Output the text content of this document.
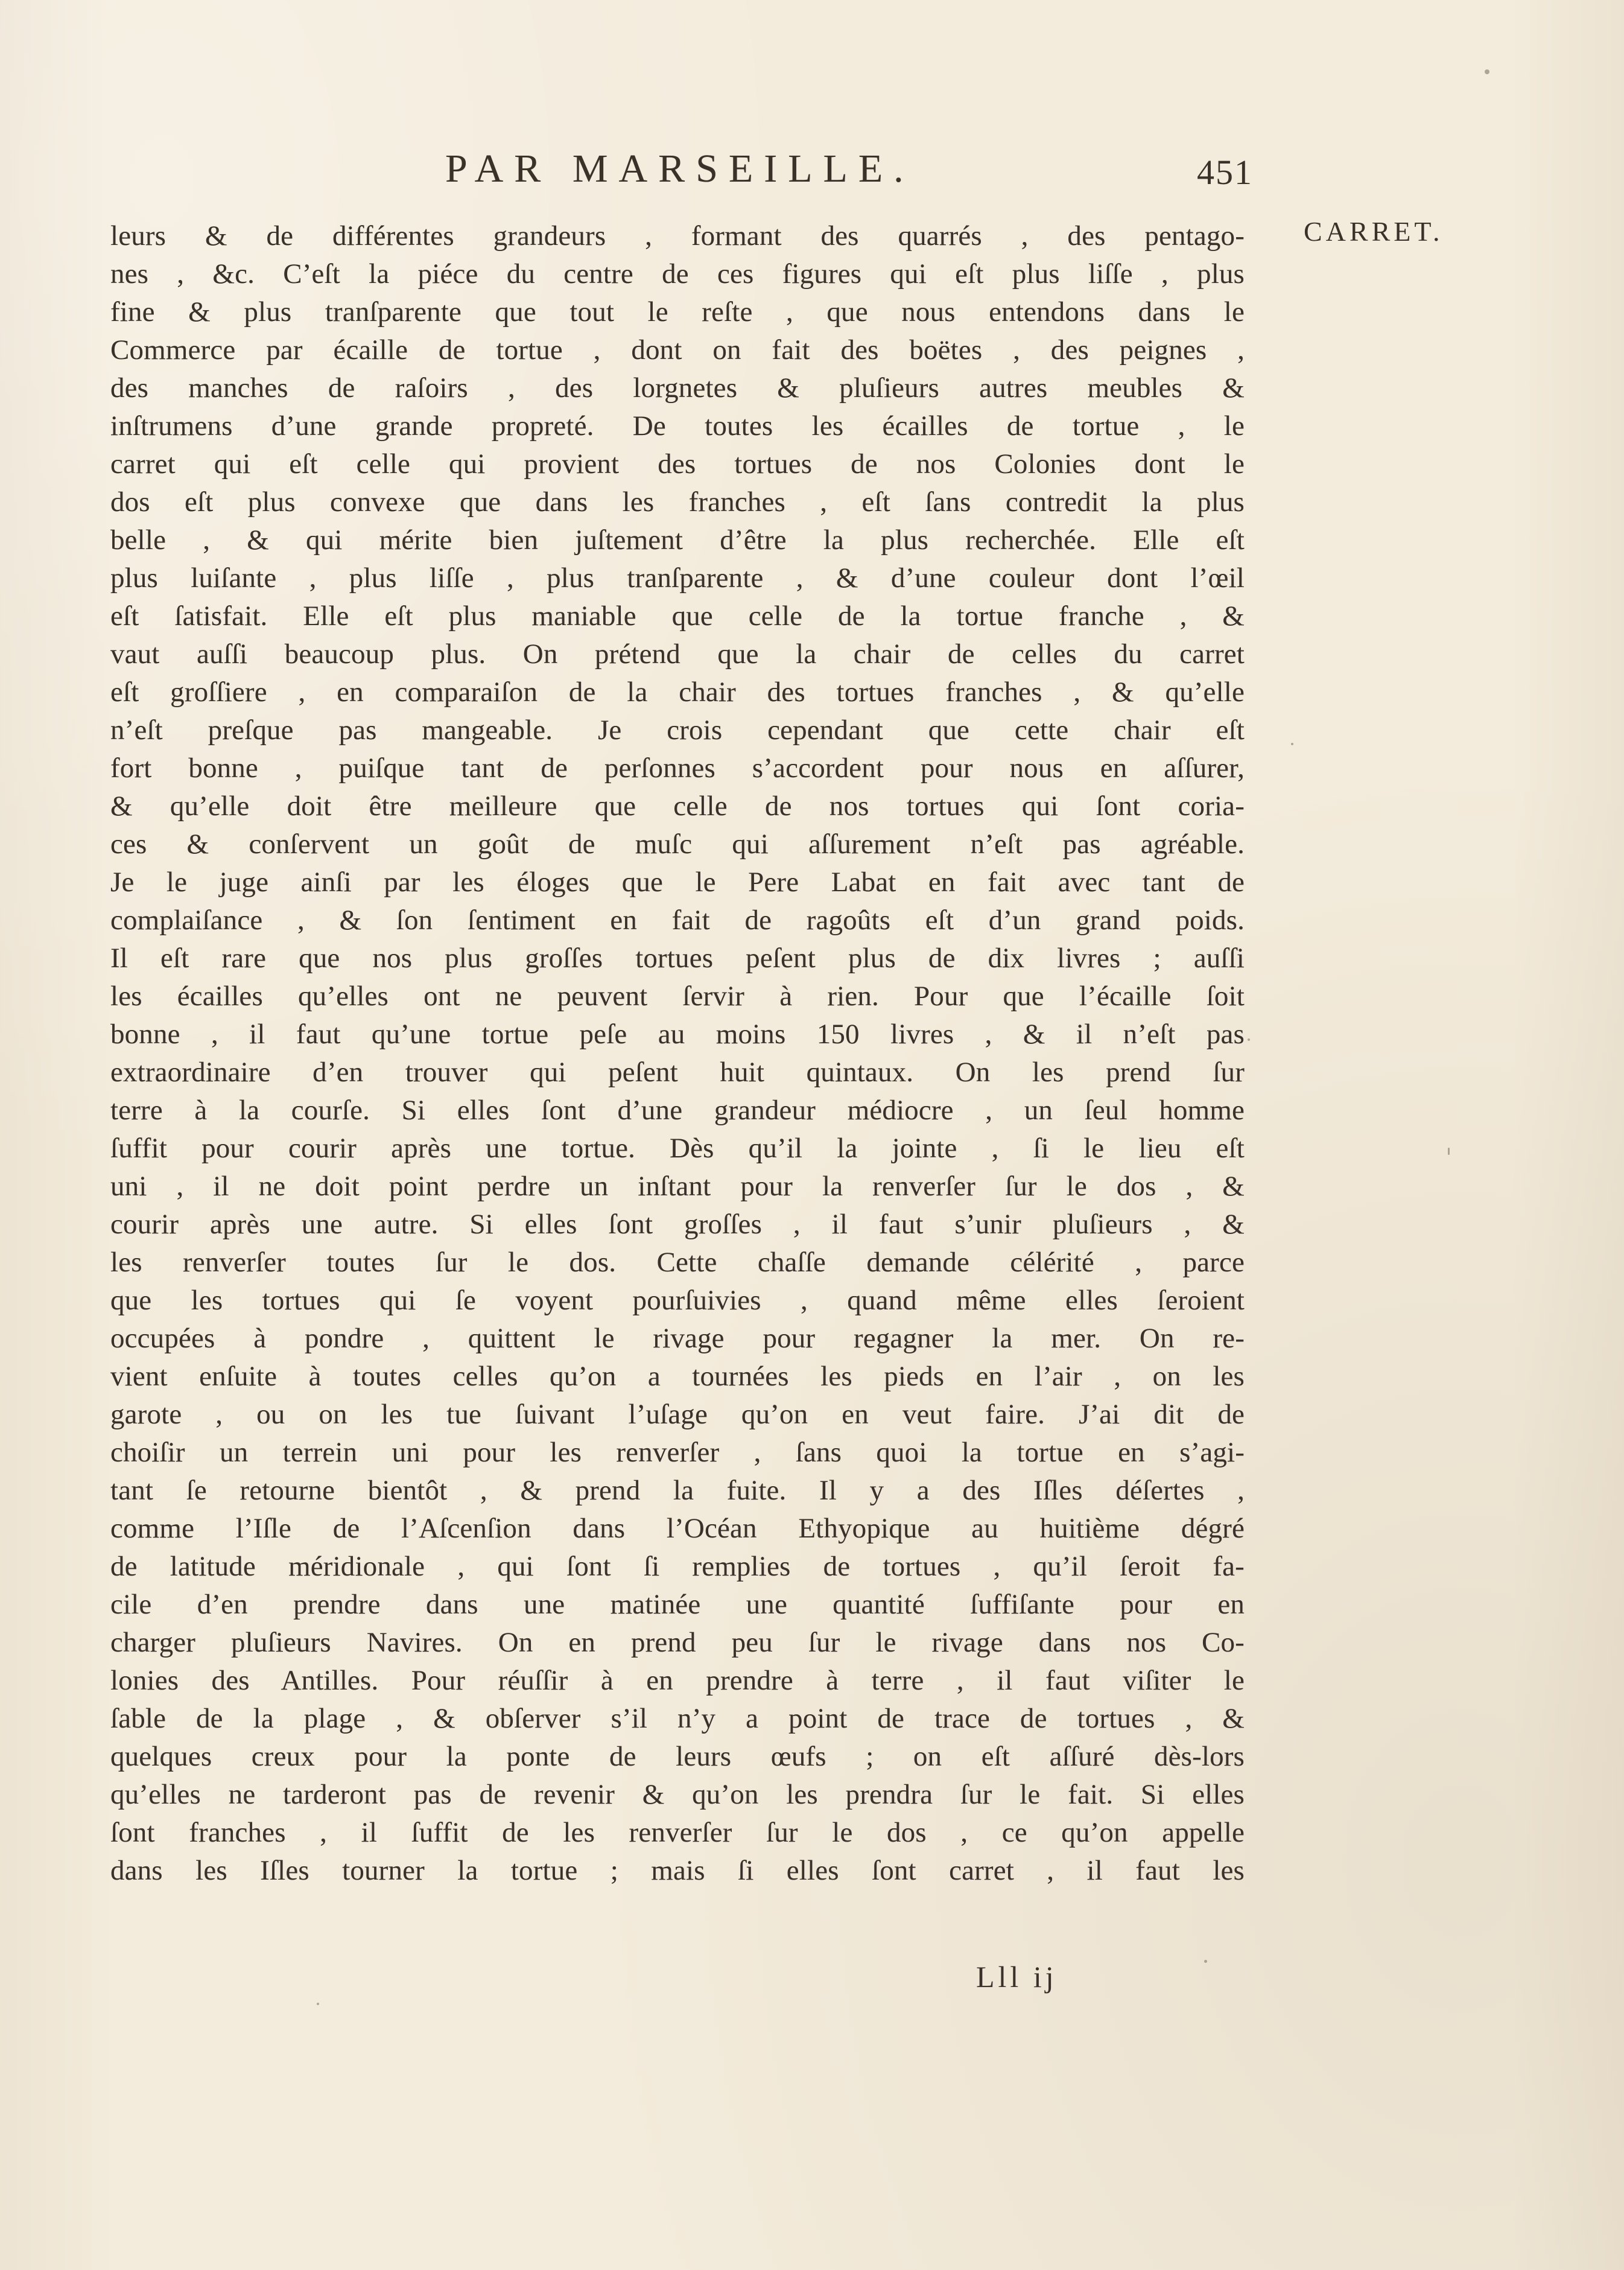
PAR MARSEILLE.	451
CARRET.
leurs & de différentes grandeurs , formant des quarrés , des pentago-
nes , &c. C’eſt la piéce du centre de ces figures qui eſt plus liſſe , plus
fine & plus tranſparente que tout le reſte , que nous entendons dans le
Commerce par écaille de tortue , dont on fait des boëtes , des peignes ,
des manches de raſoirs , des lorgnetes & pluſieurs autres meubles &
inſtrumens d’une grande propreté. De toutes les écailles de tortue , le
carret qui eſt celle qui provient des tortues de nos Colonies dont le
dos eſt plus convexe que dans les franches , eſt ſans contredit la plus
belle , & qui mérite bien juſtement d’être la plus recherchée. Elle eſt
plus luiſante , plus liſſe , plus tranſparente , & d’une couleur dont l’œil
eſt ſatisfait. Elle eſt plus maniable que celle de la tortue franche , &
vaut auſſi beaucoup plus. On prétend que la chair de celles du carret
eſt groſſiere , en comparaiſon de la chair des tortues franches , & qu’elle
n’eſt preſque pas mangeable. Je crois cependant que cette chair eſt
fort bonne , puiſque tant de perſonnes s’accordent pour nous en aſſurer,
& qu’elle doit être meilleure que celle de nos tortues qui ſont coria-
ces & conſervent un goût de muſc qui aſſurement n’eſt pas agréable.
Je le juge ainſi par les éloges que le Pere Labat en fait avec tant de
complaiſance , & ſon ſentiment en fait de ragoûts eſt d’un grand poids.
Il eſt rare que nos plus groſſes tortues peſent plus de dix livres ; auſſi
les écailles qu’elles ont ne peuvent ſervir à rien. Pour que l’écaille ſoit
bonne , il faut qu’une tortue peſe au moins 150 livres , & il n’eſt pas
extraordinaire d’en trouver qui peſent huit quintaux. On les prend ſur
terre à la courſe. Si elles ſont d’une grandeur médiocre , un ſeul homme
ſuffit pour courir après une tortue. Dès qu’il la jointe , ſi le lieu eſt
uni , il ne doit point perdre un inſtant pour la renverſer ſur le dos , &
courir après une autre. Si elles ſont groſſes , il faut s’unir pluſieurs , &
les renverſer toutes ſur le dos. Cette chaſſe demande célérité , parce
que les tortues qui ſe voyent pourſuivies , quand même elles ſeroient
occupées à pondre , quittent le rivage pour regagner la mer. On re-
vient enſuite à toutes celles qu’on a tournées les pieds en l’air , on les
garote , ou on les tue ſuivant l’uſage qu’on en veut faire. J’ai dit de
choiſir un terrein uni pour les renverſer , ſans quoi la tortue en s’agi-
tant ſe retourne bientôt , & prend la fuite. Il y a des Iſles déſertes ,
comme l’Iſle de l’Aſcenſion dans l’Océan Ethyopique au huitième dégré
de latitude méridionale , qui ſont ſi remplies de tortues , qu’il ſeroit fa-
cile d’en prendre dans une matinée une quantité ſuffiſante pour en
charger pluſieurs Navires. On en prend peu ſur le rivage dans nos Co-
lonies des Antilles. Pour réuſſir à en prendre à terre , il faut viſiter le
ſable de la plage , & obſerver s’il n’y a point de trace de tortues , &
quelques creux pour la ponte de leurs œufs ; on eſt aſſuré dès-lors
qu’elles ne tarderont pas de revenir & qu’on les prendra ſur le fait. Si elles
ſont franches , il ſuffit de les renverſer ſur le dos , ce qu’on appelle
dans les Iſles tourner la tortue ; mais ſi elles ſont carret , il faut les
Lll ij
